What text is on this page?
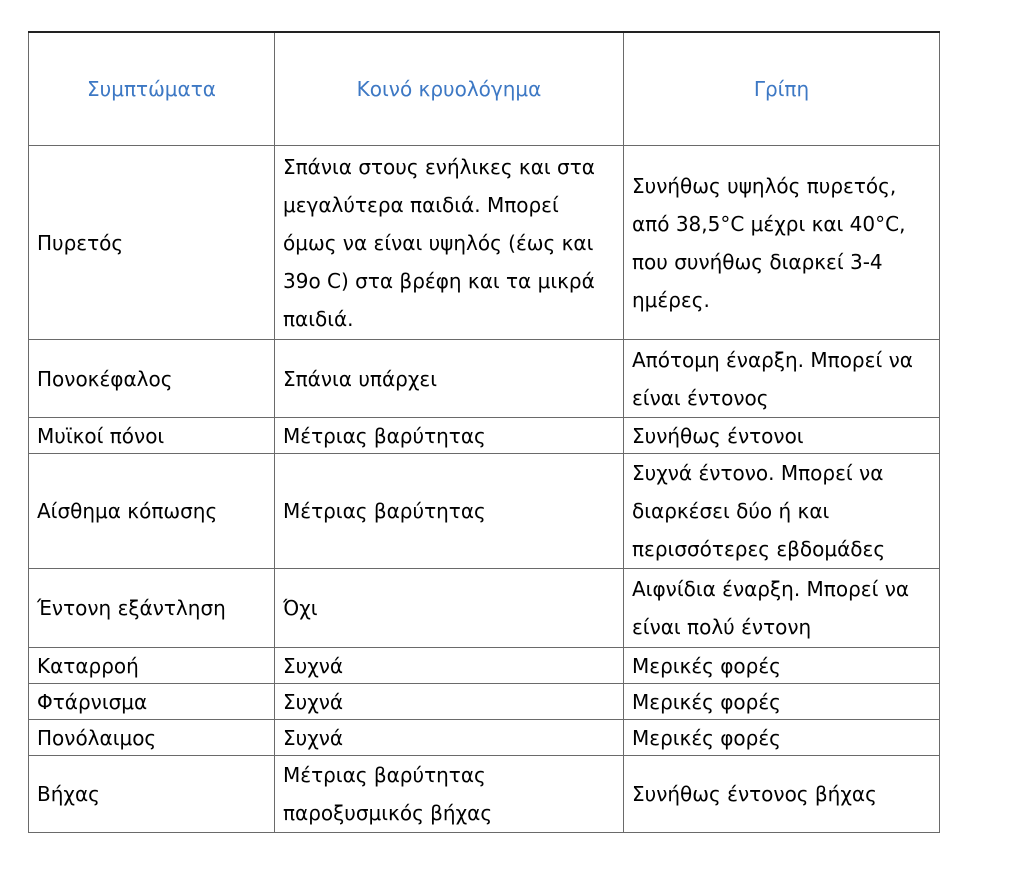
Συμπτώματα	Κοινό κρυολόγημα	Γρίπη
Πυρετός	Σπάνια στους ενήλικες και στα μεγαλύτερα παιδιά. Μπορεί όμως να είναι υψηλός (έως και 39ο C) στα βρέφη και τα μικρά παιδιά.	Συνήθως υψηλός πυρετός, από 38,5°C μέχρι και 40°C, που συνήθως διαρκεί 3-4 ημέρες.
Πονοκέφαλος	Σπάνια υπάρχει	Απότομη έναρξη. Μπορεί να είναι έντονος
Μυϊκοί πόνοι	Μέτριας βαρύτητας	Συνήθως έντονοι
Αίσθημα κόπωσης	Μέτριας βαρύτητας	Συχνά έντονο. Μπορεί να διαρκέσει δύο ή και περισσότερες εβδομάδες
Έντονη εξάντληση	Όχι	Αιφνίδια έναρξη. Μπορεί να είναι πολύ έντονη
Καταρροή	Συχνά	Μερικές φορές
Φτάρνισμα	Συχνά	Μερικές φορές
Πονόλαιμος	Συχνά	Μερικές φορές
Βήχας	Μέτριας βαρύτητας παροξυσμικός βήχας	Συνήθως έντονος βήχας
